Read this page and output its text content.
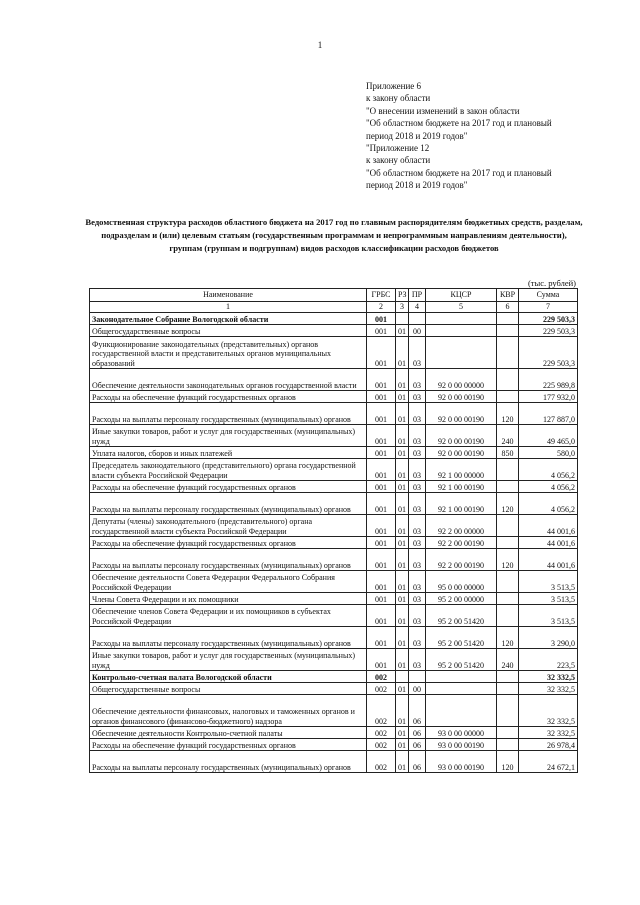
1
Приложение 6
к закону области
"О внесении изменений в закон области
"Об областном бюджете на 2017 год и плановый
период 2018 и 2019 годов"
"Приложение 12
к закону области
"Об областном бюджете на 2017 год и плановый
период 2018 и 2019 годов"
Ведомственная структура расходов областного бюджета на 2017 год по главным распорядителям бюджетных средств, разделам, подразделам и (или) целевым статьям (государственным программам и непрограммным направлениям деятельности), группам (группам и подгруппам) видов расходов классификации расходов бюджетов
(тыс. рублей)
Наименование	ГРБС	РЗ	ПР	КЦСР	КВР	Сумма
1	2	3	4	5	6	7
Законодательное Собрание Вологодской области	001					229 503,3
Общегосударственные вопросы	001	01	00			229 503,3
Функционирование законодательных (представительных) органов государственной власти и представительных органов муниципальных образований	001	01	03			229 503,3
Обеспечение деятельности законодательных органов государственной власти	001	01	03	92 0 00 00000		225 989,8
Расходы на обеспечение функций государственных органов	001	01	03	92 0 00 00190		177 932,0
Расходы на выплаты персоналу государственных (муниципальных) органов	001	01	03	92 0 00 00190	120	127 887,0
Иные закупки товаров, работ и услуг для государственных (муниципальных) нужд	001	01	03	92 0 00 00190	240	49 465,0
Уплата налогов, сборов и иных платежей	001	01	03	92 0 00 00190	850	580,0
Председатель законодательного (представительного) органа государственной власти субъекта Российской Федерации	001	01	03	92 1 00 00000		4 056,2
Расходы на обеспечение функций государственных органов	001	01	03	92 1 00 00190		4 056,2
Расходы на выплаты персоналу государственных (муниципальных) органов	001	01	03	92 1 00 00190	120	4 056,2
Депутаты (члены) законодательного (представительного) органа государственной власти субъекта Российской Федерации	001	01	03	92 2 00 00000		44 001,6
Расходы на обеспечение функций государственных органов	001	01	03	92 2 00 00190		44 001,6
Расходы на выплаты персоналу государственных (муниципальных) органов	001	01	03	92 2 00 00190	120	44 001,6
Обеспечение деятельности Совета Федерации Федерального Собрания Российской Федерации	001	01	03	95 0 00 00000		3 513,5
Члены Совета Федерации и их помощники	001	01	03	95 2 00 00000		3 513,5
Обеспечение членов Совета Федерации и их помощников в субъектах Российской Федерации	001	01	03	95 2 00 51420		3 513,5
Расходы на выплаты персоналу государственных (муниципальных) органов	001	01	03	95 2 00 51420	120	3 290,0
Иные закупки товаров, работ и услуг для государственных (муниципальных) нужд	001	01	03	95 2 00 51420	240	223,5
Контрольно-счетная палата Вологодской области	002					32 332,5
Общегосударственные вопросы	002	01	00			32 332,5
Обеспечение деятельности финансовых, налоговых и таможенных органов и органов финансового (финансово-бюджетного) надзора	002	01	06			32 332,5
Обеспечение деятельности Контрольно-счетной палаты	002	01	06	93 0 00 00000		32 332,5
Расходы на обеспечение функций государственных органов	002	01	06	93 0 00 00190		26 978,4
Расходы на выплаты персоналу государственных (муниципальных) органов	002	01	06	93 0 00 00190	120	24 672,1
